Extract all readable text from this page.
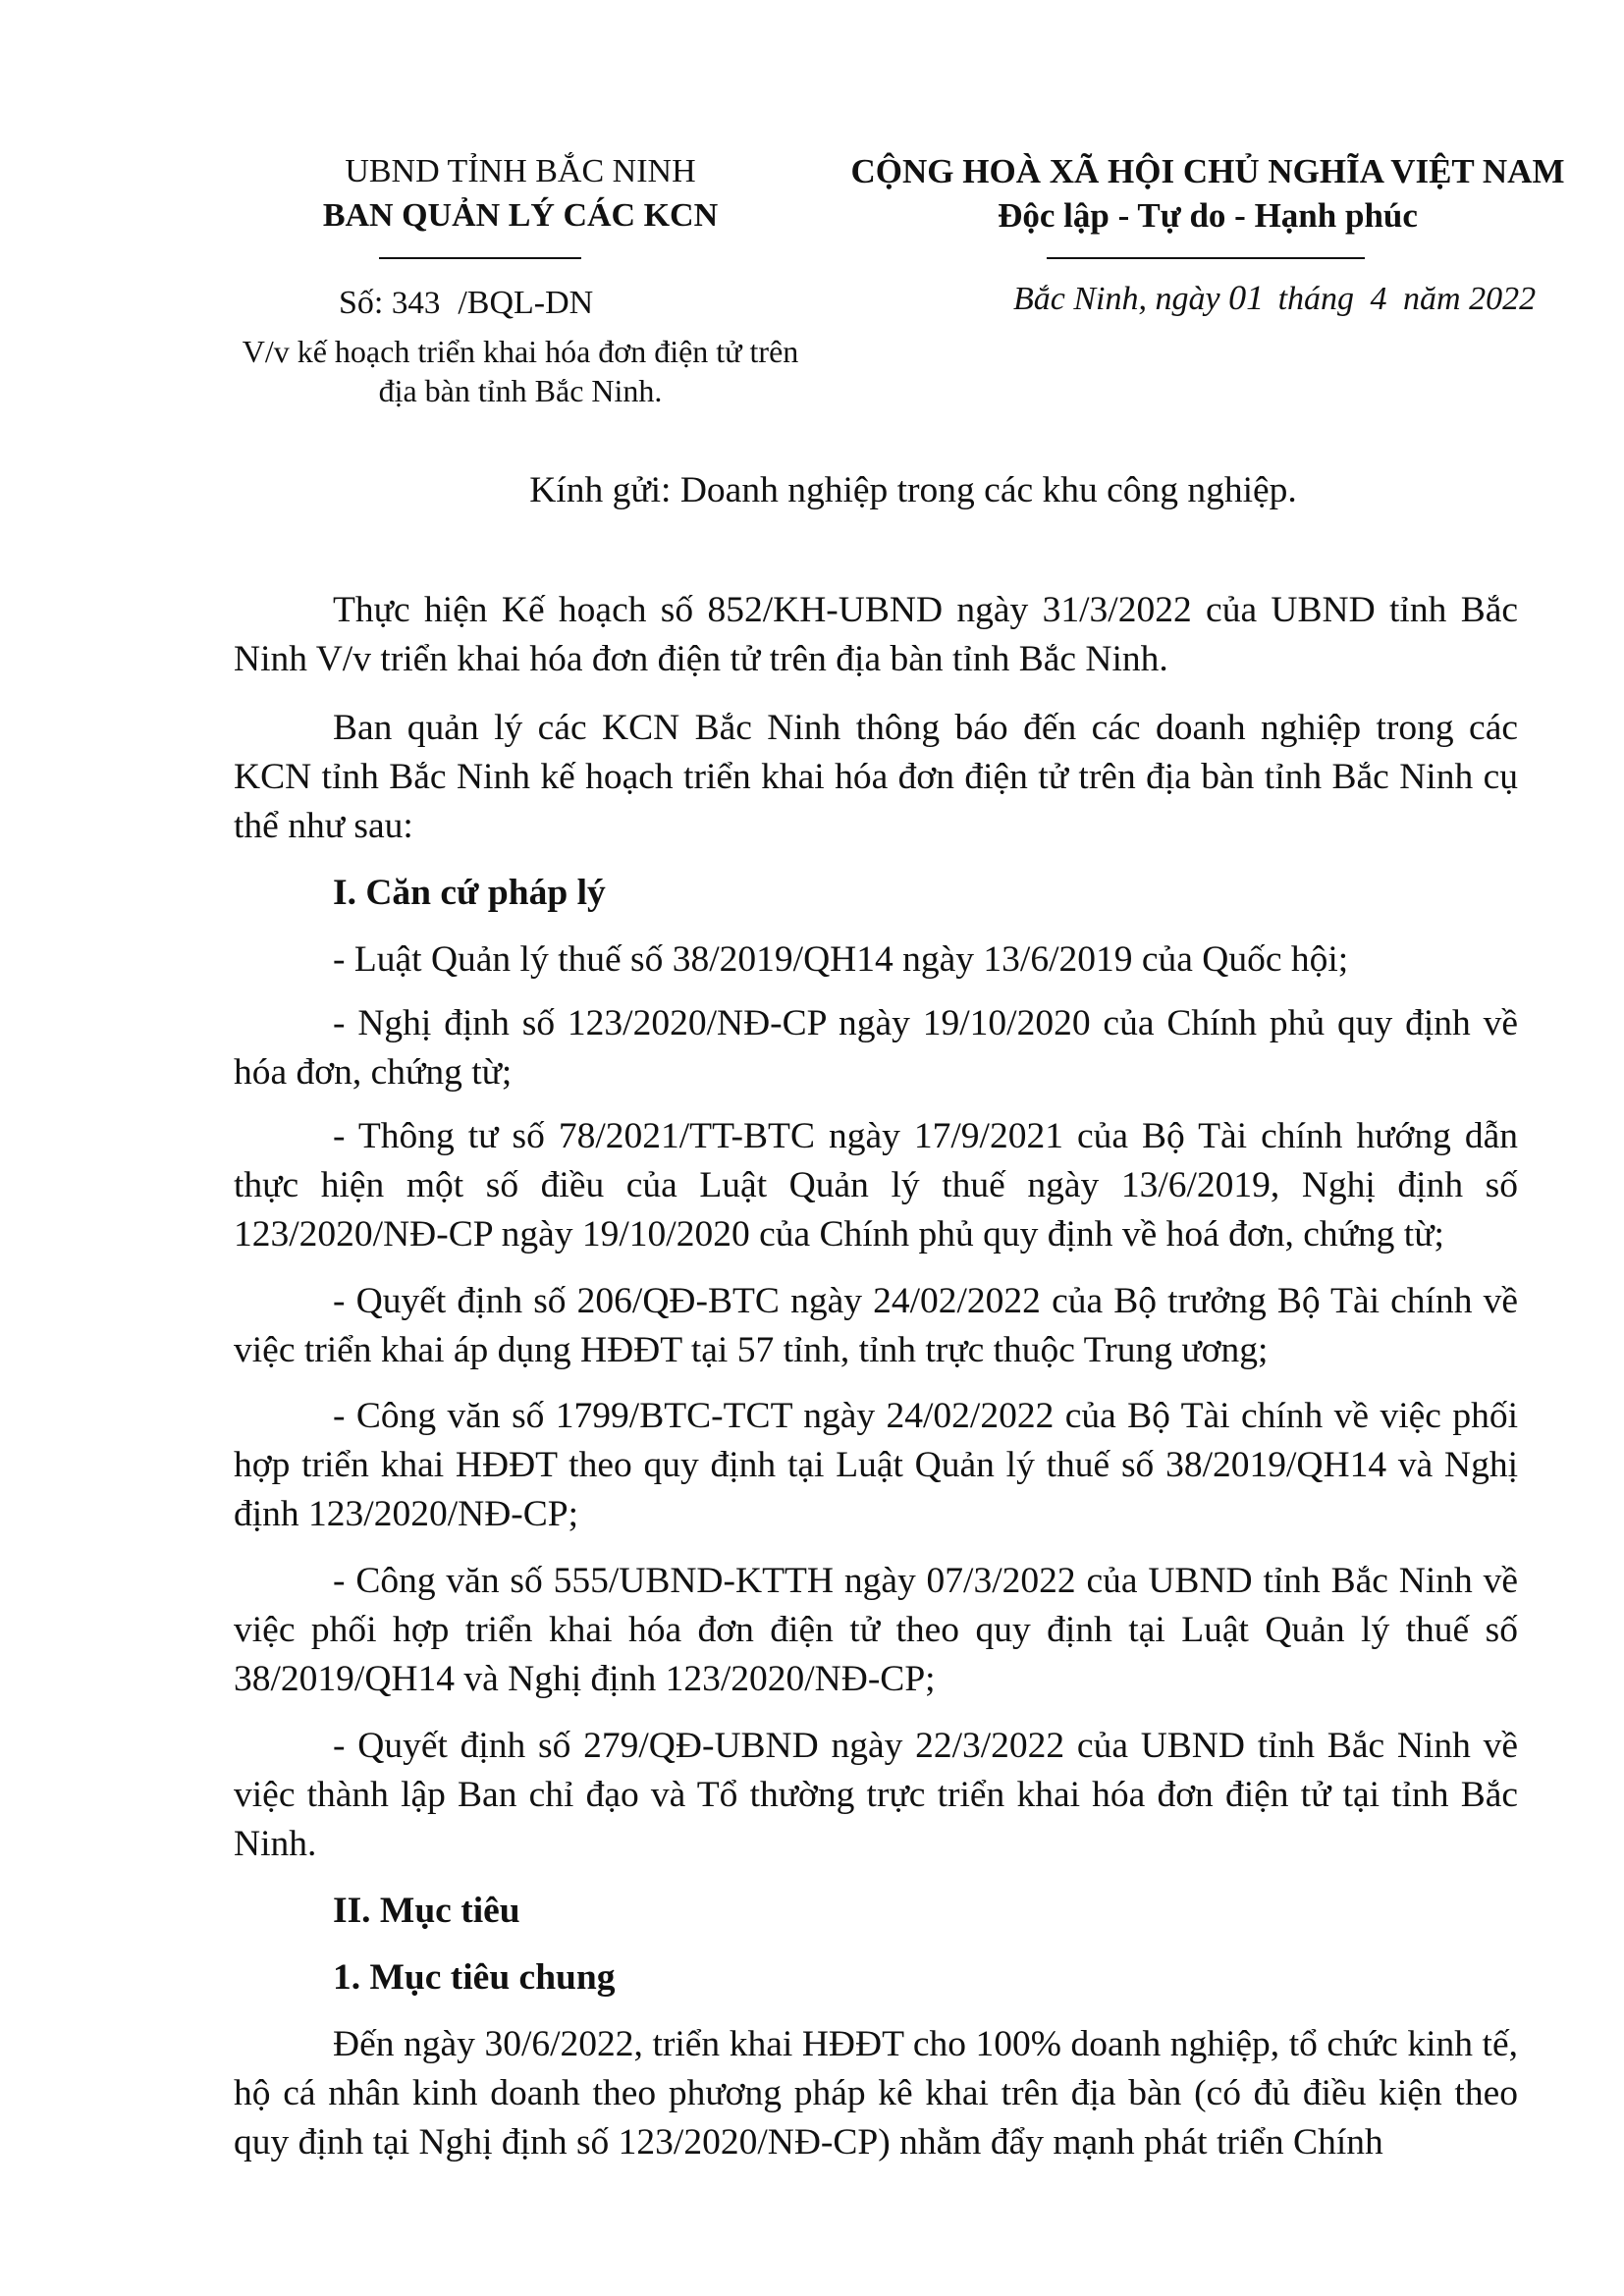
UBND TỈNH BẮC NINH
BAN QUẢN LÝ CÁC KCN
Số: 343 /BQL-DN
V/v kế hoạch triển khai hóa đơn điện tử trên
địa bàn tỉnh Bắc Ninh.
CỘNG HOÀ XÃ HỘI CHỦ NGHĨA VIỆT NAM
Độc lập - Tự do - Hạnh phúc
Bắc Ninh, ngày 01 tháng 4 năm 2022
Kính gửi: Doanh nghiệp trong các khu công nghiệp.
Thực hiện Kế hoạch số 852/KH-UBND ngày 31/3/2022 của UBND tỉnh Bắc Ninh V/v triển khai hóa đơn điện tử trên địa bàn tỉnh Bắc Ninh.
Ban quản lý các KCN Bắc Ninh thông báo đến các doanh nghiệp trong các KCN tỉnh Bắc Ninh kế hoạch triển khai hóa đơn điện tử trên địa bàn tỉnh Bắc Ninh cụ thể như sau:
I. Căn cứ pháp lý
- Luật Quản lý thuế số 38/2019/QH14 ngày 13/6/2019 của Quốc hội;
- Nghị định số 123/2020/NĐ-CP ngày 19/10/2020 của Chính phủ quy định về hóa đơn, chứng từ;
- Thông tư số 78/2021/TT-BTC ngày 17/9/2021 của Bộ Tài chính hướng dẫn thực hiện một số điều của Luật Quản lý thuế ngày 13/6/2019, Nghị định số 123/2020/NĐ-CP ngày 19/10/2020 của Chính phủ quy định về hoá đơn, chứng từ;
- Quyết định số 206/QĐ-BTC ngày 24/02/2022 của Bộ trưởng Bộ Tài chính về việc triển khai áp dụng HĐĐT tại 57 tỉnh, tỉnh trực thuộc Trung ương;
- Công văn số 1799/BTC-TCT ngày 24/02/2022 của Bộ Tài chính về việc phối hợp triển khai HĐĐT theo quy định tại Luật Quản lý thuế số 38/2019/QH14 và Nghị định 123/2020/NĐ-CP;
- Công văn số 555/UBND-KTTH ngày 07/3/2022 của UBND tỉnh Bắc Ninh về việc phối hợp triển khai hóa đơn điện tử theo quy định tại Luật Quản lý thuế số 38/2019/QH14 và Nghị định 123/2020/NĐ-CP;
- Quyết định số 279/QĐ-UBND ngày 22/3/2022 của UBND tỉnh Bắc Ninh về việc thành lập Ban chỉ đạo và Tổ thường trực triển khai hóa đơn điện tử tại tỉnh Bắc Ninh.
II. Mục tiêu
1. Mục tiêu chung
Đến ngày 30/6/2022, triển khai HĐĐT cho 100% doanh nghiệp, tổ chức kinh tế, hộ cá nhân kinh doanh theo phương pháp kê khai trên địa bàn (có đủ điều kiện theo quy định tại Nghị định số 123/2020/NĐ-CP) nhằm đẩy mạnh phát triển Chính
